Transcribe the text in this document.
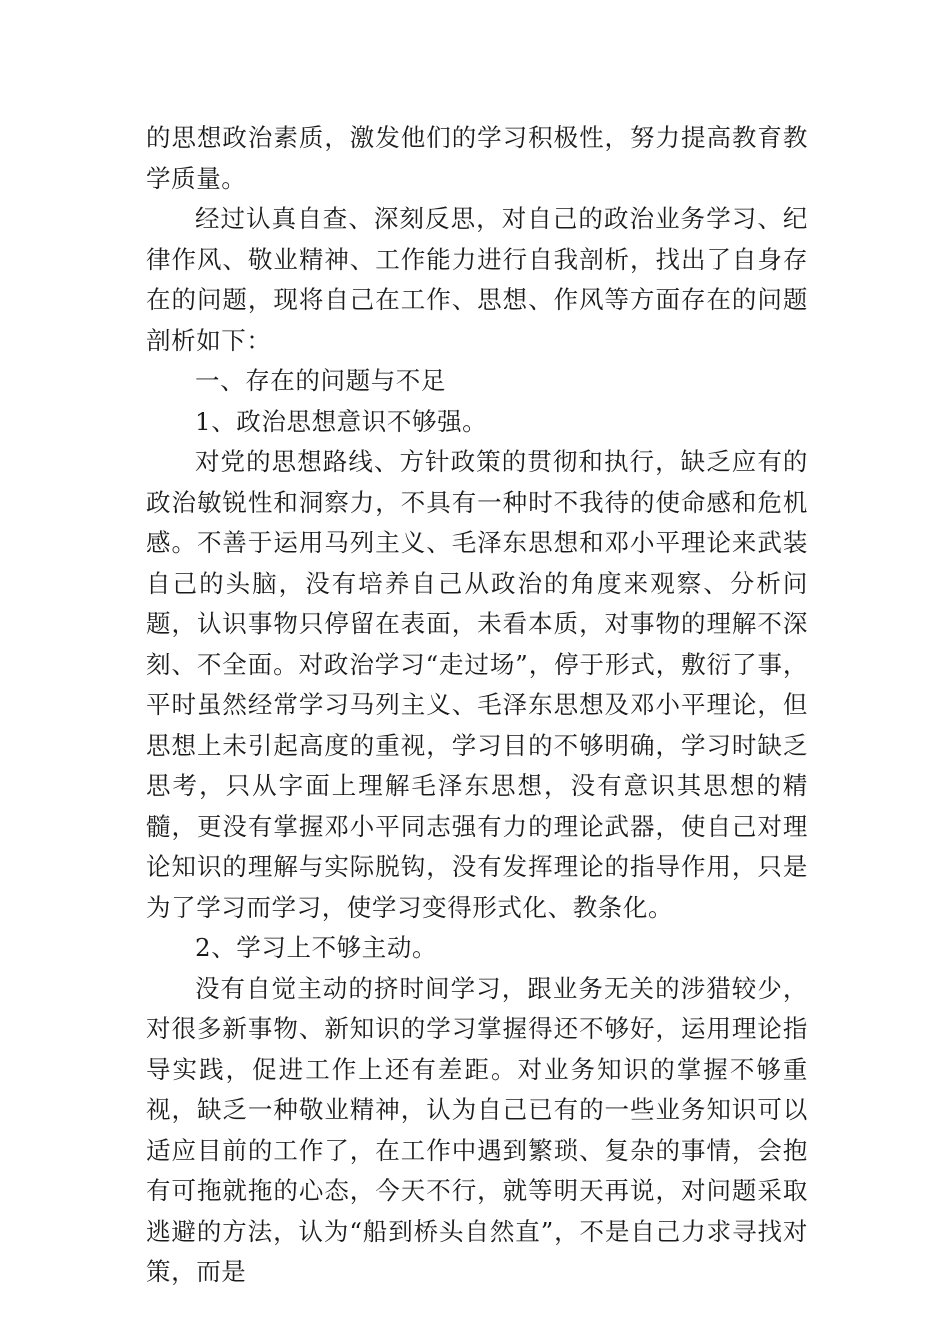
的思想政治素质，激发他们的学习积极性，努力提高教育教学质量。

经过认真自查、深刻反思，对自己的政治业务学习、纪律作风、敬业精神、工作能力进行自我剖析，找出了自身存在的问题，现将自己在工作、思想、作风等方面存在的问题剖析如下：

一、存在的问题与不足

1、政治思想意识不够强。

对党的思想路线、方针政策的贯彻和执行，缺乏应有的政治敏锐性和洞察力，不具有一种时不我待的使命感和危机感。不善于运用马列主义、毛泽东思想和邓小平理论来武装自己的头脑，没有培养自己从政治的角度来观察、分析问题，认识事物只停留在表面，未看本质，对事物的理解不深刻、不全面。对政治学习“走过场”，停于形式，敷衍了事，平时虽然经常学习马列主义、毛泽东思想及邓小平理论，但思想上未引起高度的重视，学习目的不够明确，学习时缺乏思考，只从字面上理解毛泽东思想，没有意识其思想的精髓，更没有掌握邓小平同志强有力的理论武器，使自己对理论知识的理解与实际脱钩，没有发挥理论的指导作用，只是为了学习而学习，使学习变得形式化、教条化。

2、学习上不够主动。

没有自觉主动的挤时间学习，跟业务无关的涉猎较少，对很多新事物、新知识的学习掌握得还不够好，运用理论指导实践，促进工作上还有差距。对业务知识的掌握不够重视，缺乏一种敬业精神，认为自己已有的一些业务知识可以适应目前的工作了，在工作中遇到繁琐、复杂的事情，会抱有可拖就拖的心态，今天不行，就等明天再说，对问题采取逃避的方法，认为“船到桥头自然直”，不是自己力求寻找对策，而是
